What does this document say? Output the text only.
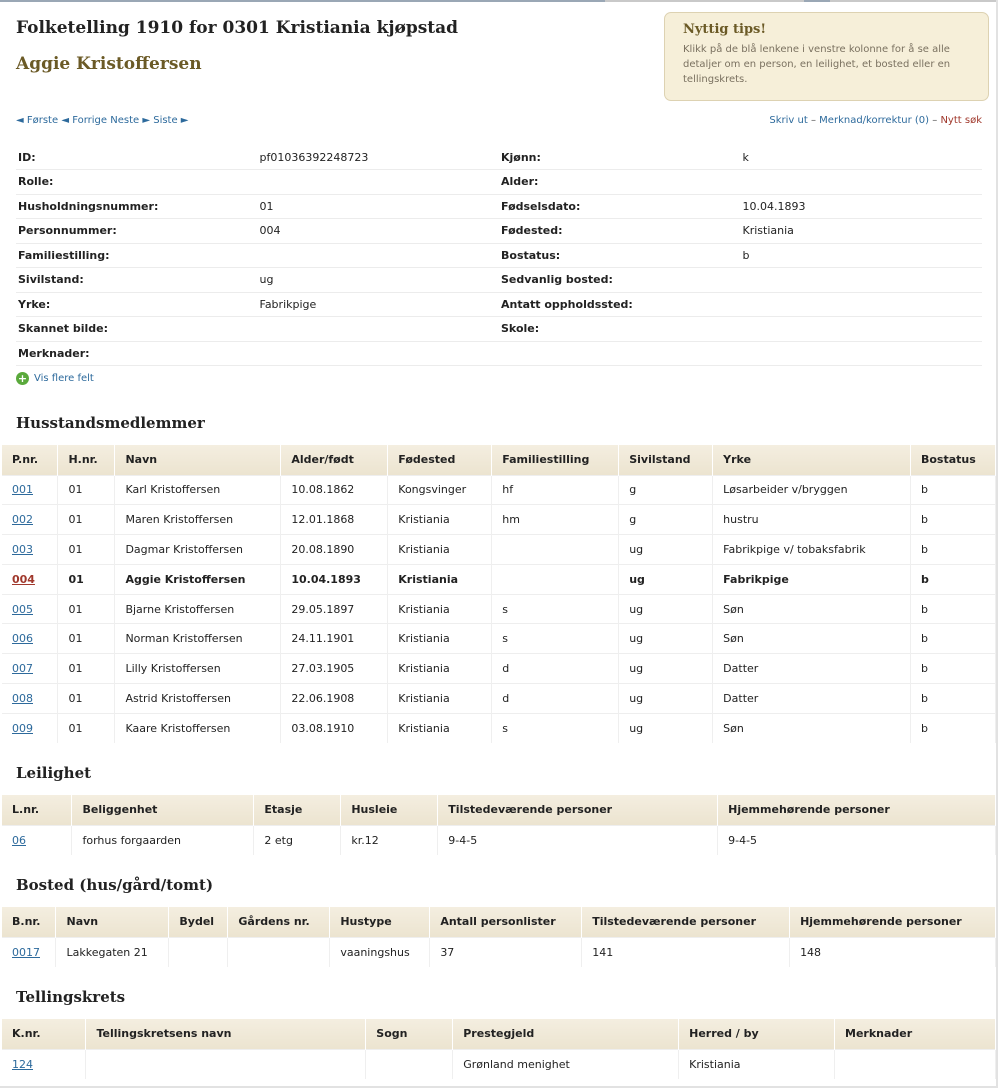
Folketelling 1910 for 0301 Kristiania kjøpstad
Aggie Kristoffersen
Nyttig tips!
Klikk på de blå lenkene i venstre kolonne for å se alle detaljer om en person, en leilighet, et bosted eller en tellingskrets.
◄ Første ◄ Forrige Neste ► Siste ►	Skriv ut – Merknad/korrektur (0) – Nytt søk
ID:	pf01036392248723	Kjønn:	k
Rolle:		Alder:	
Husholdningsnummer:	01	Fødselsdato:	10.04.1893
Personnummer:	004	Fødested:	Kristiania
Familiestilling:		Bostatus:	b
Sivilstand:	ug	Sedvanlig bosted:	
Yrke:	Fabrikpige	Antatt oppholdssted:	
Skannet bilde:		Skole:	
Merknader:			
+ Vis flere felt
Husstandsmedlemmer
P.nr.	H.nr.	Navn	Alder/født	Fødested	Familiestilling	Sivilstand	Yrke	Bostatus
001	01	Karl Kristoffersen	10.08.1862	Kongsvinger	hf	g	Løsarbeider v/bryggen	b
002	01	Maren Kristoffersen	12.01.1868	Kristiania	hm	g	hustru	b
003	01	Dagmar Kristoffersen	20.08.1890	Kristiania		ug	Fabrikpige v/ tobaksfabrik	b
004	01	Aggie Kristoffersen	10.04.1893	Kristiania		ug	Fabrikpige	b
005	01	Bjarne Kristoffersen	29.05.1897	Kristiania	s	ug	Søn	b
006	01	Norman Kristoffersen	24.11.1901	Kristiania	s	ug	Søn	b
007	01	Lilly Kristoffersen	27.03.1905	Kristiania	d	ug	Datter	b
008	01	Astrid Kristoffersen	22.06.1908	Kristiania	d	ug	Datter	b
009	01	Kaare Kristoffersen	03.08.1910	Kristiania	s	ug	Søn	b
Leilighet
L.nr.	Beliggenhet	Etasje	Husleie	Tilstedeværende personer	Hjemmehørende personer
06	forhus forgaarden	2 etg	kr.12	9-4-5	9-4-5
Bosted (hus/gård/tomt)
B.nr.	Navn	Bydel	Gårdens nr.	Hustype	Antall personlister	Tilstedeværende personer	Hjemmehørende personer
0017	Lakkegaten 21			vaaningshus	37	141	148
Tellingskrets
K.nr.	Tellingskretsens navn	Sogn	Prestegjeld	Herred / by	Merknader
124			Grønland menighet	Kristiania	
